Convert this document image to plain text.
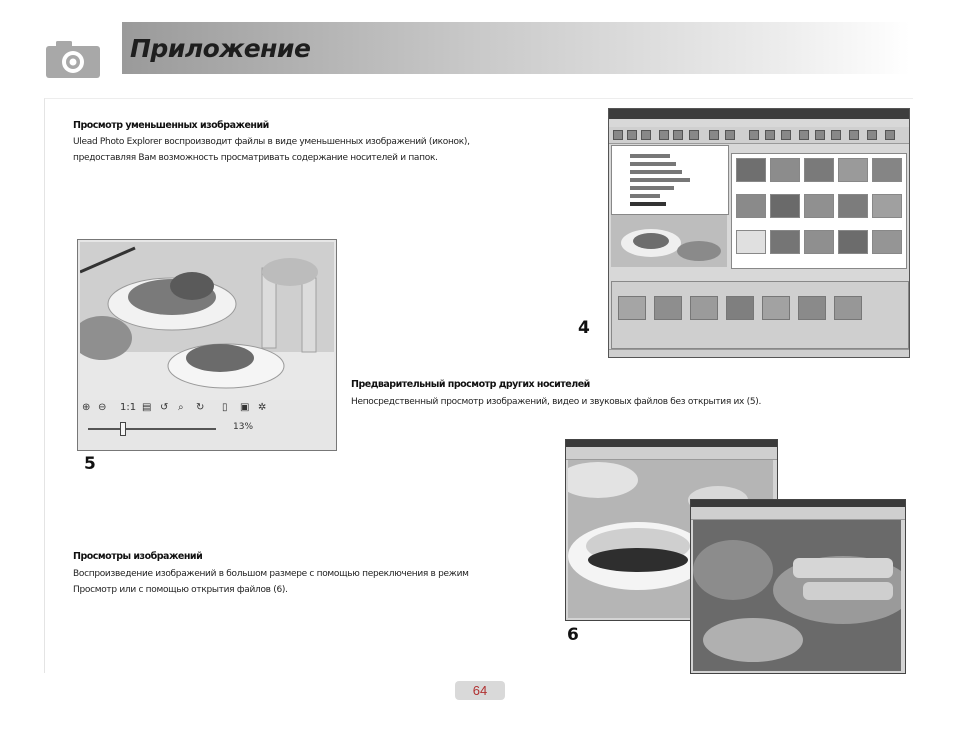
Приложение
Просмотр уменьшенных изображений
Ulead Photo Explorer воспроизводит файлы в виде уменьшенных изображений (иконок),
предоставляя Вам возможность просматривать содержание носителей и папок.
Предварительный просмотр других носителей
Непосредственный просмотр изображений, видео и звуковых файлов без открытия их (5).
Просмотры изображений
Воспроизведение изображений в большом размере с помощью переключения в режим
Просмотр или с помощью открытия файлов (6).
⊕ ⊖ 1:1 ▤ ↺ ⌕ ↻ ▯ ▣ ✲
13%
5
4
6
64
